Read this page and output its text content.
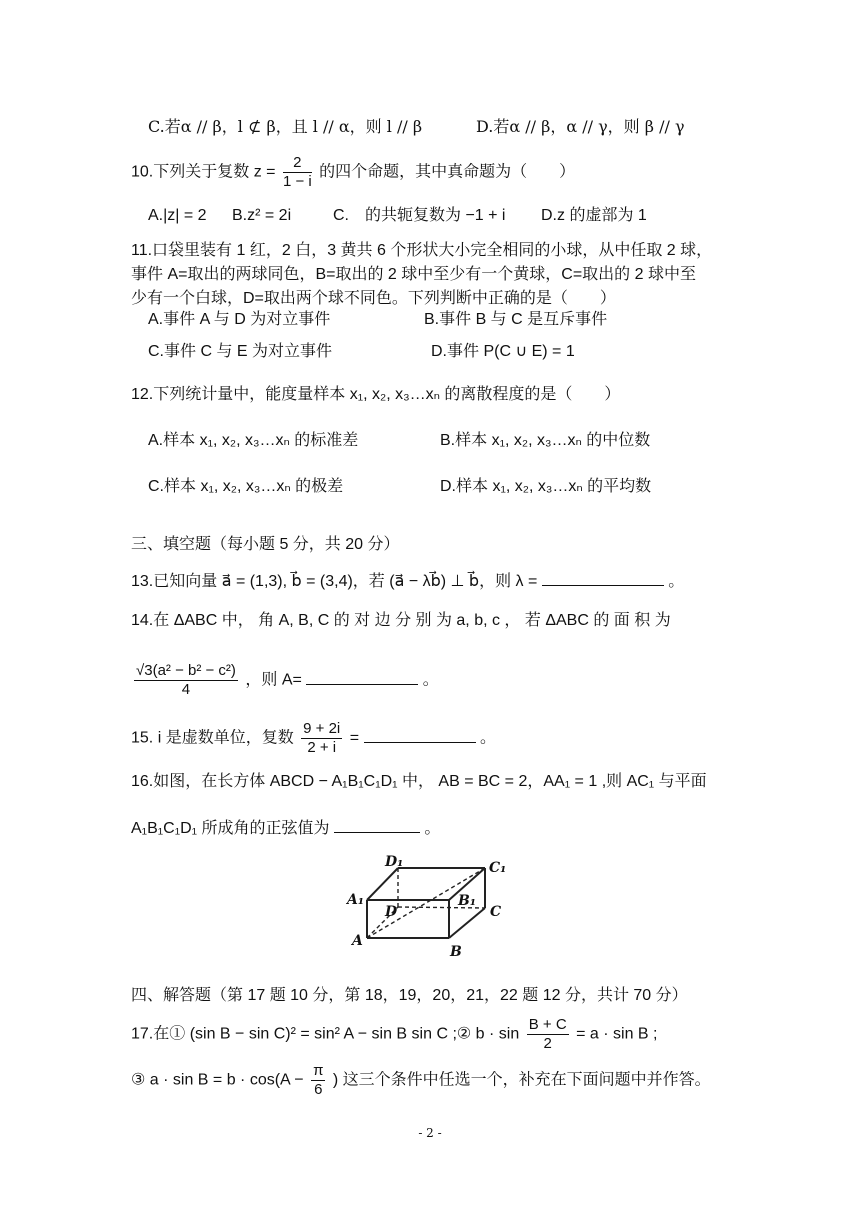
C.若α // β，l ⊄ β，且 l // α，则 l // β	D.若α // β，α // γ，则 β // γ
10.下列关于复数 $z = \frac{2}{1 - i}$ 的四个命题，其中真命题为（　　）
A.|z| = 2 B.z² = 2i	C.　的共轭复数为 −1 + i D.z 的虚部为 1
11.口袋里装有 1 红，2 白，3 黄共 6 个形状大小完全相同的小球，从中任取 2 球，
事件 A=取出的两球同色，B=取出的 2 球中至少有一个黄球，C=取出的 2 球中至
少有一个白球，D=取出两个球不同色。下列判断中正确的是（　　）
A.事件 A 与 D 为对立事件	B.事件 B 与 C 是互斥事件
C.事件 C 与 E 为对立事件	D.事件 P(C ∪ E) = 1
12.下列统计量中，能度量样本 x₁, x₂, x₃…xₙ 的离散程度的是（　　）
A.样本 x₁, x₂, x₃…xₙ 的标准差	B.样本 x₁, x₂, x₃…xₙ 的中位数
C.样本 x₁, x₂, x₃…xₙ 的极差	D.样本 x₁, x₂, x₃…xₙ 的平均数
三、填空题（每小题 5 分，共 20 分）
13.已知向量 a⃗ = (1,3), b⃗ = (3,4)，若 (a⃗ − λb⃗) ⊥ b⃗，则 λ =	。
14.在 ΔABC 中， 角 A, B, C 的 对 边 分 别 为 a, b, c ， 若 ΔABC 的 面 积 为
$\frac{\text{√3(a² − b² − c²)}}{4}$ ，则 A=	。
15. i 是虚数单位，复数 $\frac{9 + 2i}{2 + i}$ =	。
16.如图，在长方体 ABCD − A₁B₁C₁D₁ 中， AB = BC = 2，AA₁ = 1 ,则 AC₁ 与平面
A₁B₁C₁D₁ 所成角的正弦值为	。
D₁	C₁
A₁	B₁
D	C
A
B
四、解答题（第 17 题 10 分，第 18，19，20，21，22 题 12 分，共计 70 分）
17.在① (sin B − sin C)² = sin² A − sin B sin C ;② $b \cdot \sin \frac{B + C}{2} = a \cdot \sin B$ ;
③ $a \cdot \sin B = b \cdot \cos(A - \frac{\pi}{6}$ ) 这三个条件中任选一个，补充在下面问题中并作答。
- 2 -
